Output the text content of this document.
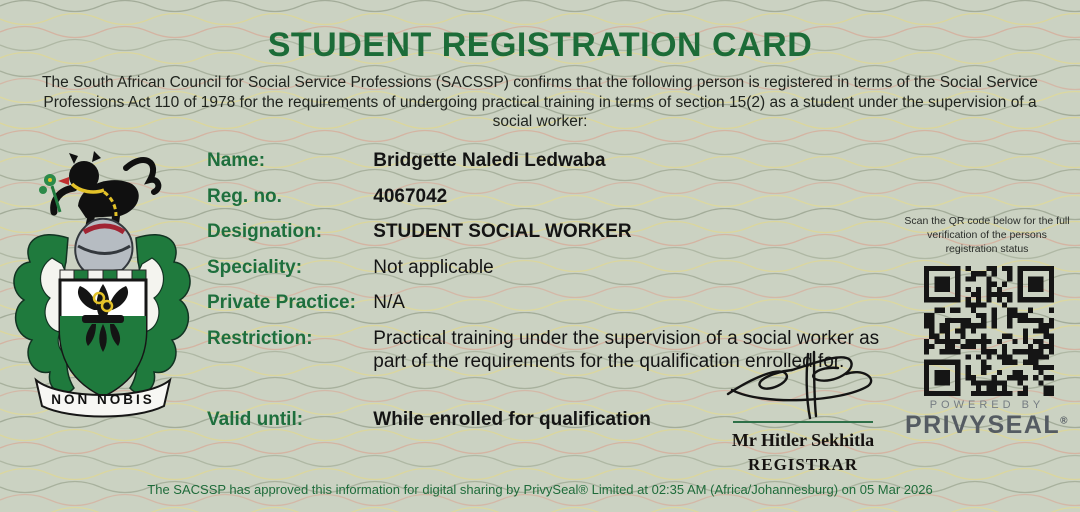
STUDENT REGISTRATION CARD

The South African Council for Social Service Professions (SACSSP) confirms that the following person is registered in terms of the Social Service Professions Act 110 of 1978 for the requirements of undergoing practical training in terms of section 15(2) as a student under the supervision of a social worker:

NON NOBIS
Name:	Bridgette Naledi Ledwaba
Reg. no.	4067042
Designation:	STUDENT SOCIAL WORKER
Speciality:	Not applicable
Private Practice: N/A
Restriction:	Practical training under the supervision of a social worker as part of the requirements for the qualification enrolled for.
Valid until:	While enrolled for qualification

Scan the QR code below for the full verification of the persons registration status

POWERED BY
PRIVYSEAL®
Mr Hitler Sekhitla
REGISTRAR

The SACSSP has approved this information for digital sharing by PrivySeal® Limited at 02:35 AM (Africa/Johannesburg) on 05 Mar 2026
